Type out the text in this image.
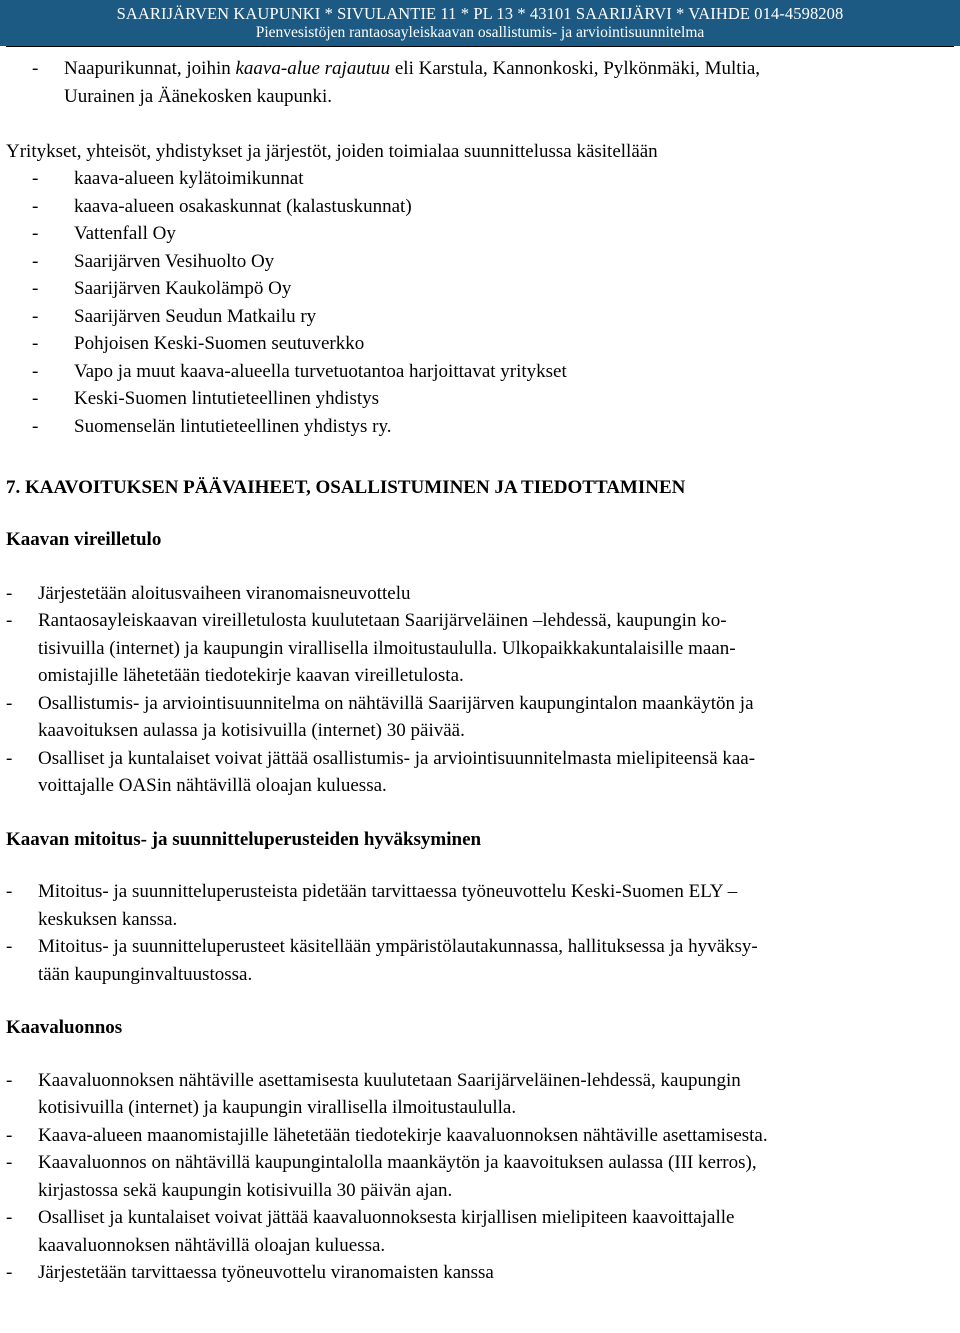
SAARIJÄRVEN KAUPUNKI * SIVULANTIE 11 * PL 13 * 43101 SAARIJÄRVI * VAIHDE 014-4598208
Pienvesistöjen rantaosayleiskaavan osallistumis- ja arviointisuunnitelma
-	Naapurikunnat, joihin kaava-alue rajautuu eli Karstula, Kannonkoski, Pylkönmäki, Multia,
Uurainen ja Äänekosken kaupunki.
Yritykset, yhteisöt, yhdistykset ja järjestöt, joiden toimialaa suunnittelussa käsitellään
-	kaava-alueen kylätoimikunnat
-	kaava-alueen osakaskunnat (kalastuskunnat)
-	Vattenfall Oy
-	Saarijärven Vesihuolto Oy
-	Saarijärven Kaukolämpö Oy
-	Saarijärven Seudun Matkailu ry
-	Pohjoisen Keski-Suomen seutuverkko
-	Vapo ja muut kaava-alueella turvetuotantoa harjoittavat yritykset
-	Keski-Suomen lintutieteellinen yhdistys
-	Suomenselän lintutieteellinen yhdistys ry.
7. KAAVOITUKSEN PÄÄVAIHEET, OSALLISTUMINEN JA TIEDOTTAMINEN
Kaavan vireilletulo
-	Järjestetään aloitusvaiheen viranomaisneuvottelu
-	Rantaosayleiskaavan vireilletulosta kuulutetaan Saarijärveläinen –lehdessä, kaupungin ko-
tisivuilla (internet) ja kaupungin virallisella ilmoitustaululla. Ulkopaikkakuntalaisille maan-
omistajille lähetetään tiedotekirje kaavan vireilletulosta.
-	Osallistumis- ja arviointisuunnitelma on nähtävillä Saarijärven kaupungintalon maankäytön ja
kaavoituksen aulassa ja kotisivuilla (internet) 30 päivää.
-	Osalliset ja kuntalaiset voivat jättää osallistumis- ja arviointisuunnitelmasta mielipiteensä kaa-
voittajalle OASin nähtävillä oloajan kuluessa.
Kaavan mitoitus- ja suunnitteluperusteiden hyväksyminen
-	Mitoitus- ja suunnitteluperusteista pidetään tarvittaessa työneuvottelu Keski-Suomen ELY –
keskuksen kanssa.
-	Mitoitus- ja suunnitteluperusteet käsitellään ympäristölautakunnassa, hallituksessa ja hyväksy-
tään kaupunginvaltuustossa.
Kaavaluonnos
-	Kaavaluonnoksen nähtäville asettamisesta kuulutetaan Saarijärveläinen-lehdessä, kaupungin
kotisivuilla (internet) ja kaupungin virallisella ilmoitustaululla.
-	Kaava-alueen maanomistajille lähetetään tiedotekirje kaavaluonnoksen nähtäville asettamisesta.
-	Kaavaluonnos on nähtävillä kaupungintalolla maankäytön ja kaavoituksen aulassa (III kerros),
kirjastossa sekä kaupungin kotisivuilla 30 päivän ajan.
-	Osalliset ja kuntalaiset voivat jättää kaavaluonnoksesta kirjallisen mielipiteen kaavoittajalle
kaavaluonnoksen nähtävillä oloajan kuluessa.
-	Järjestetään tarvittaessa työneuvottelu viranomaisten kanssa
